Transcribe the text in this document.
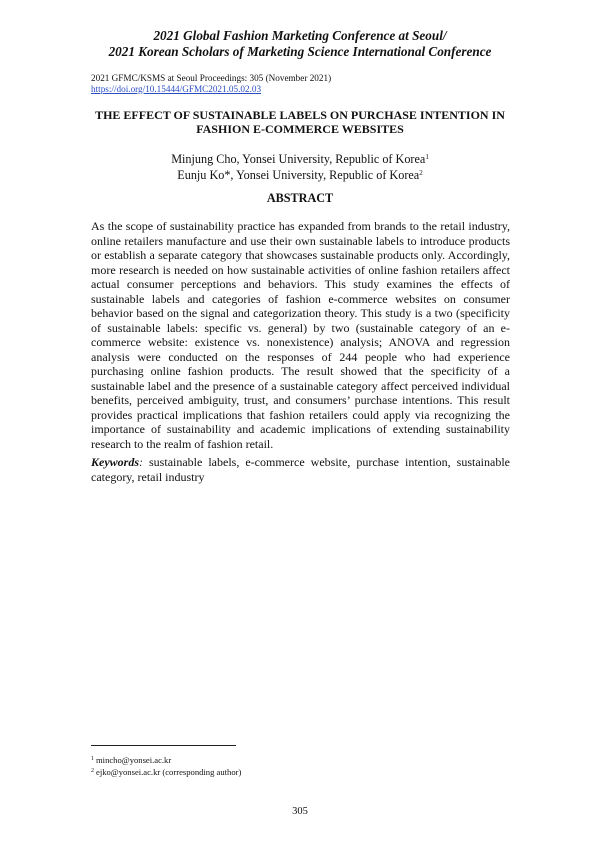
2021 Global Fashion Marketing Conference at Seoul/
2021 Korean Scholars of Marketing Science International Conference
2021 GFMC/KSMS at Seoul Proceedings: 305 (November 2021)
https://doi.org/10.15444/GFMC2021.05.02.03
THE EFFECT OF SUSTAINABLE LABELS ON PURCHASE INTENTION IN
FASHION E-COMMERCE WEBSITES
Minjung Cho, Yonsei University, Republic of Korea$^1$
Eunju Ko*, Yonsei University, Republic of Korea$^2$
ABSTRACT

As the scope of sustainability practice has expanded from brands to the retail industry, online retailers manufacture and use their own sustainable labels to introduce products or establish a separate category that showcases sustainable products only. Accordingly, more research is needed on how sustainable activities of online fashion retailers affect actual consumer perceptions and behaviors. This study examines the effects of sustainable labels and categories of fashion e-commerce websites on consumer behavior based on the signal and categorization theory. This study is a two (specificity of sustainable labels: specific vs. general) by two (sustainable category of an e-commerce website: existence vs. nonexistence) analysis; ANOVA and regression analysis were conducted on the responses of 244 people who had experience purchasing online fashion products. The result showed that the specificity of a sustainable label and the presence of a sustainable category affect perceived individual benefits, perceived ambiguity, trust, and consumers’ purchase intentions. This result provides practical implications that fashion retailers could apply via recognizing the importance of sustainability and academic implications of extending sustainability research to the realm of fashion retail.

Keywords: sustainable labels, e-commerce website, purchase intention, sustainable category, retail industry

$^1$ mincho@yonsei.ac.kr
$^2$ ejko@yonsei.ac.kr (corresponding author)
305
